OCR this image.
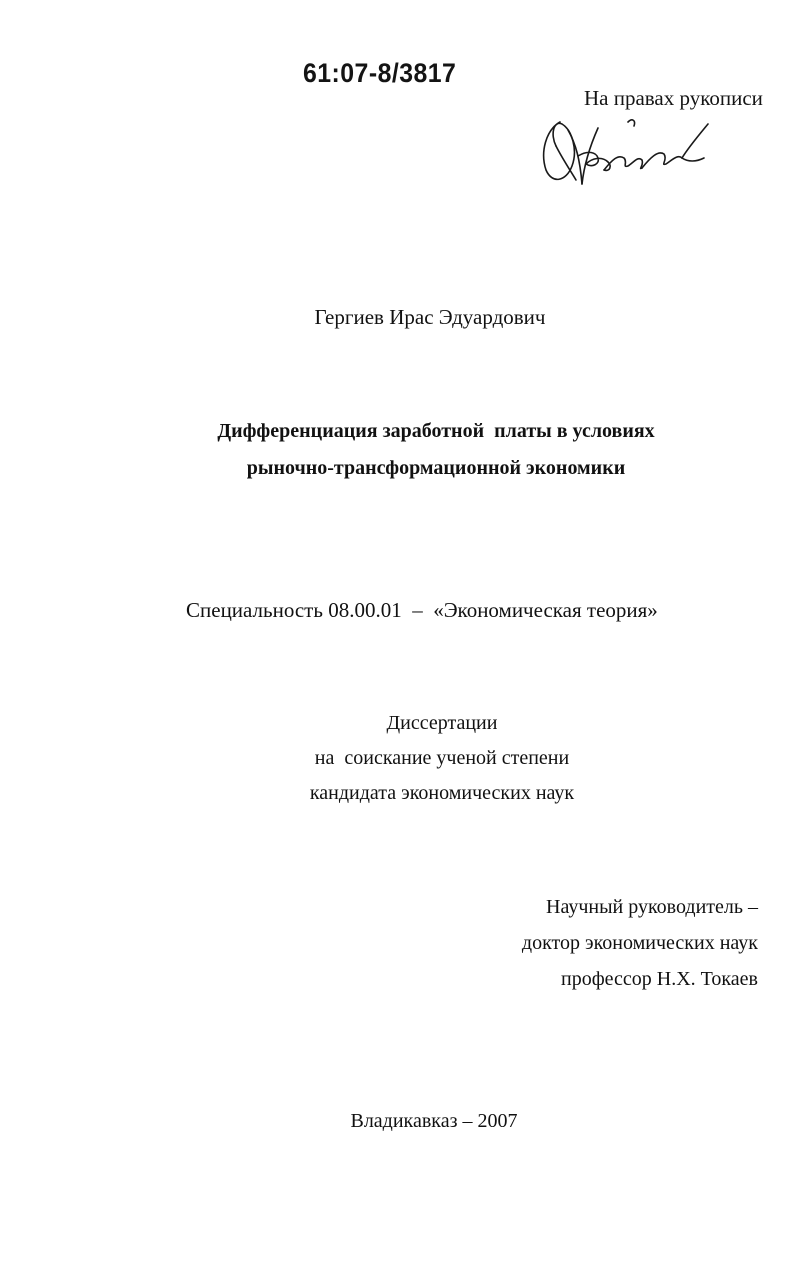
61:07-8/3817
На правах рукописи
Гергиев Ирас Эдуардович
Дифференциация заработной  платы в условиях
рыночно-трансформационной экономики
Специальность 08.00.01  –  «Экономическая теория»
Диссертации
на  соискание ученой степени
кандидата экономических наук
Научный руководитель –
доктор экономических наук
профессор Н.Х. Токаев
Владикавказ – 2007
